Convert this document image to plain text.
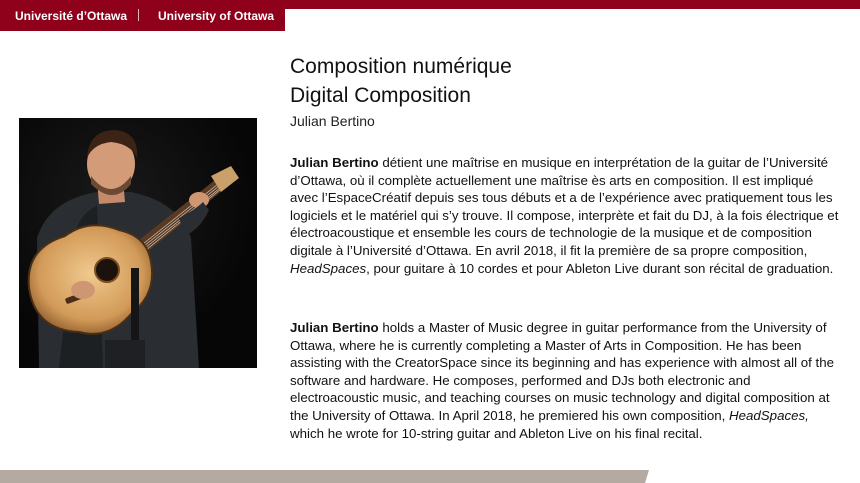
Université d’Ottawa	University of Ottawa
Composition numérique
Digital Composition
Julian Bertino
Julian Bertino détient une maîtrise en musique en interprétation de la guitar de l’Université d’Ottawa, où il complète actuellement une maîtrise ès arts en composition. Il est impliqué avec l’EspaceCréatif depuis ses tous débuts et a de l’expérience avec pratiquement tous les logiciels et le matériel qui s’y trouve. Il compose, interprète et fait du DJ, à la fois électrique et électroacoustique et ensemble les cours de technologie de la musique et de composition digitale à l’Université d’Ottawa. En avril 2018, il fit la première de sa propre composition, HeadSpaces, pour guitare à 10 cordes et pour Ableton Live durant son récital de graduation.
Julian Bertino holds a Master of Music degree in guitar performance from the University of Ottawa, where he is currently completing a Master of Arts in Composition. He has been assisting with the CreatorSpace since its beginning and has experience with almost all of the software and hardware. He composes, performed and DJs both electronic and electroacoustic music, and teaching courses on music technology and digital composition at the University of Ottawa. In April 2018, he premiered his own composition, HeadSpaces, which he wrote for 10-string guitar and Ableton Live on his final recital.
